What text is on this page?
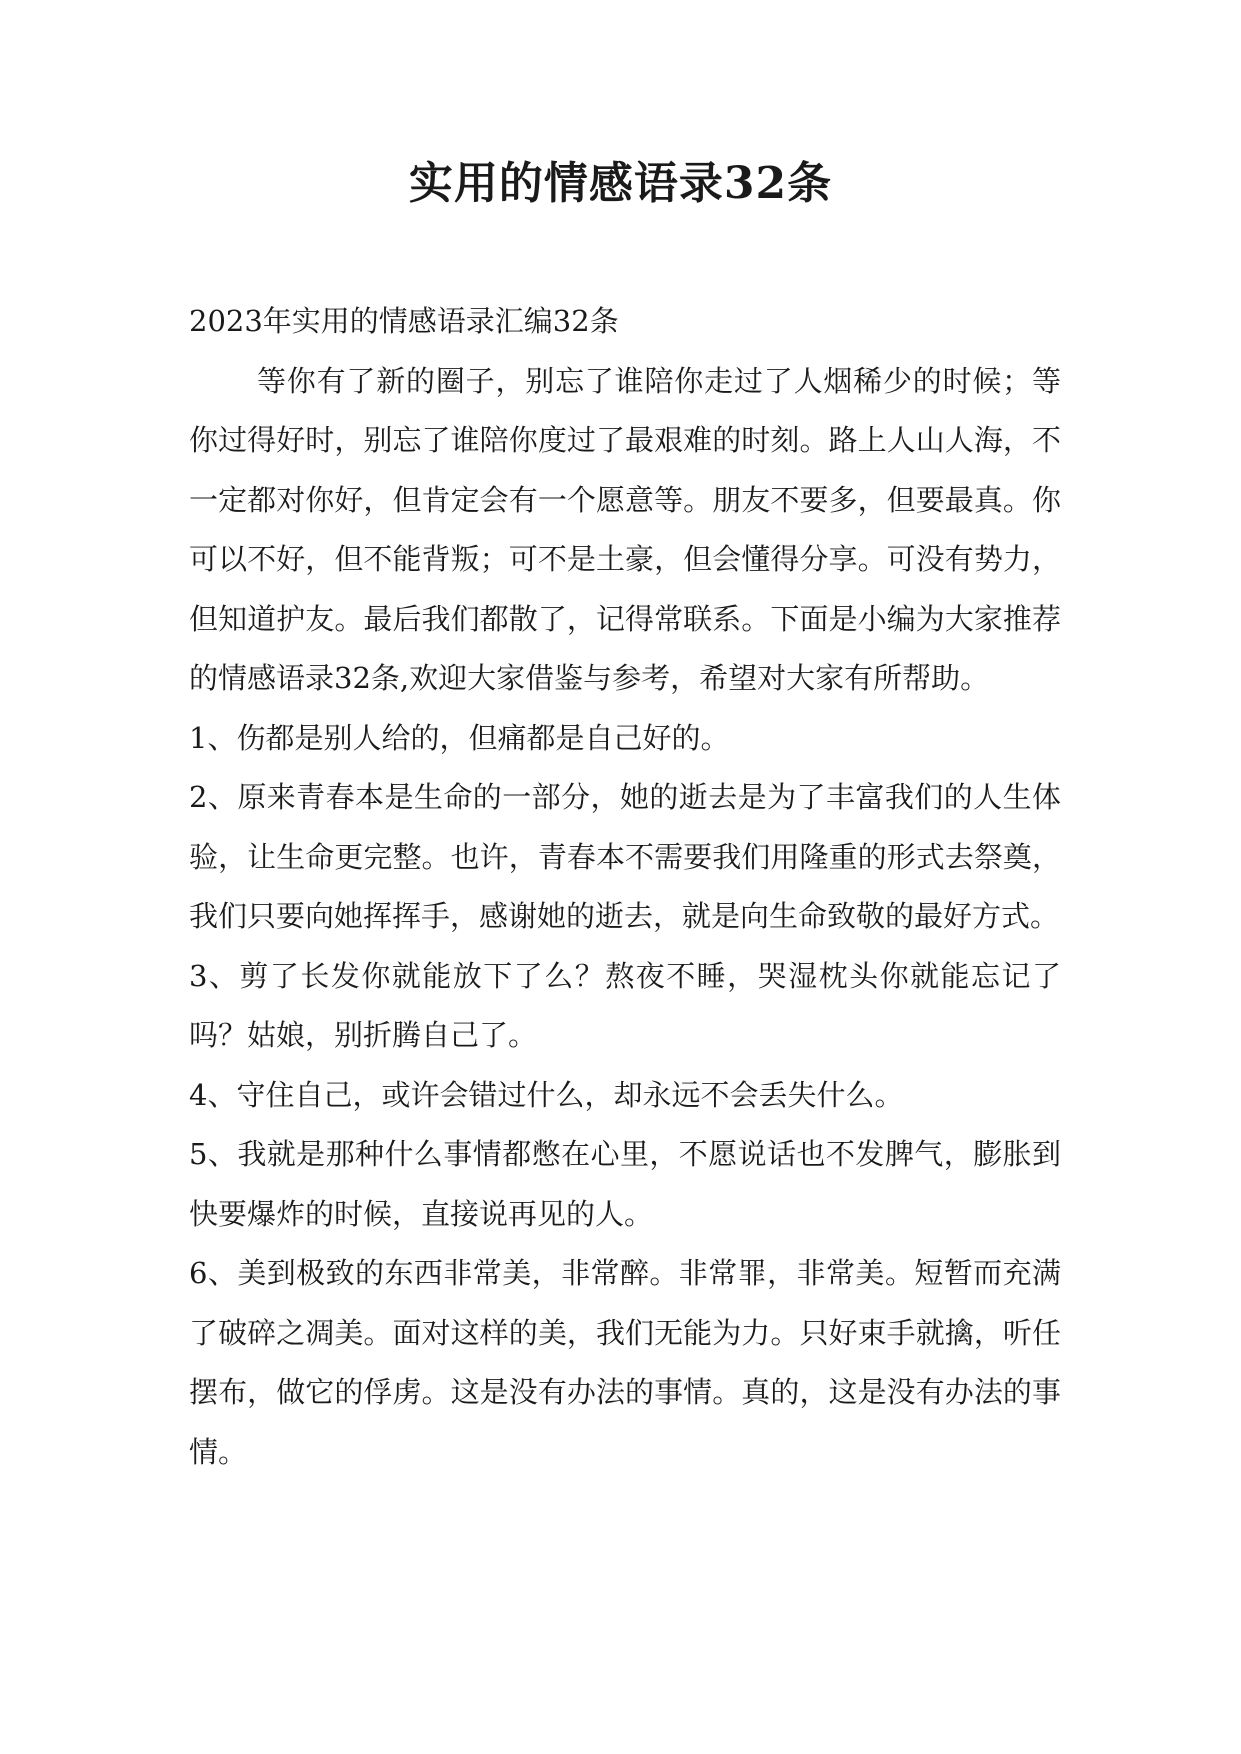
实用的情感语录32条

2023年实用的情感语录汇编32条

等你有了新的圈子，别忘了谁陪你走过了人烟稀少的时候；等你过得好时，别忘了谁陪你度过了最艰难的时刻。路上人山人海，不一定都对你好，但肯定会有一个愿意等。朋友不要多，但要最真。你可以不好，但不能背叛；可不是土豪，但会懂得分享。可没有势力，但知道护友。最后我们都散了，记得常联系。下面是小编为大家推荐的情感语录32条,欢迎大家借鉴与参考，希望对大家有所帮助。

1、伤都是别人给的，但痛都是自己好的。

2、原来青春本是生命的一部分，她的逝去是为了丰富我们的人生体验，让生命更完整。也许，青春本不需要我们用隆重的形式去祭奠，我们只要向她挥挥手，感谢她的逝去，就是向生命致敬的最好方式。

3、剪了长发你就能放下了么？熬夜不睡，哭湿枕头你就能忘记了吗？姑娘，别折腾自己了。

4、守住自己，或许会错过什么，却永远不会丢失什么。

5、我就是那种什么事情都憋在心里，不愿说话也不发脾气，膨胀到快要爆炸的时候，直接说再见的人。

6、美到极致的东西非常美，非常醉。非常罪，非常美。短暂而充满了破碎之凋美。面对这样的美，我们无能为力。只好束手就擒，听任摆布，做它的俘虏。这是没有办法的事情。真的，这是没有办法的事情。
